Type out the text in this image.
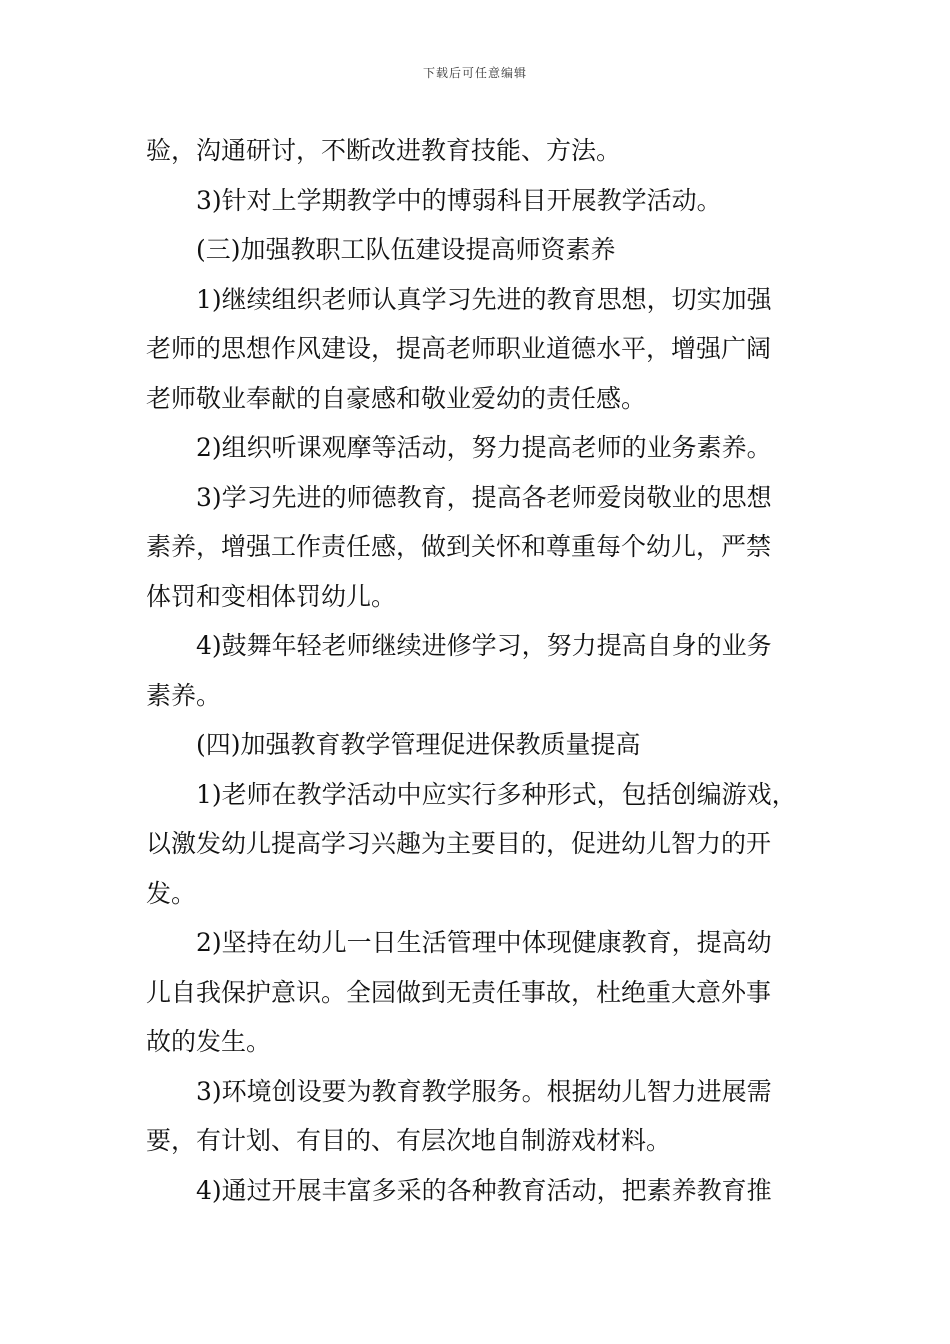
下载后可任意编辑
验，沟通研讨，不断改进教育技能、方法。
3)针对上学期教学中的博弱科目开展教学活动。
(三)加强教职工队伍建设提高师资素养
1)继续组织老师认真学习先进的教育思想，切实加强
老师的思想作风建设，提高老师职业道德水平，增强广阔
老师敬业奉献的自豪感和敬业爱幼的责任感。
2)组织听课观摩等活动，努力提高老师的业务素养。
3)学习先进的师德教育，提高各老师爱岗敬业的思想
素养，增强工作责任感，做到关怀和尊重每个幼儿，严禁
体罚和变相体罚幼儿。
4)鼓舞年轻老师继续进修学习，努力提高自身的业务
素养。
(四)加强教育教学管理促进保教质量提高
1)老师在教学活动中应实行多种形式，包括创编游戏，
以激发幼儿提高学习兴趣为主要目的，促进幼儿智力的开
发。
2)坚持在幼儿一日生活管理中体现健康教育，提高幼
儿自我保护意识。全园做到无责任事故，杜绝重大意外事
故的发生。
3)环境创设要为教育教学服务。根据幼儿智力进展需
要，有计划、有目的、有层次地自制游戏材料。
4)通过开展丰富多采的各种教育活动，把素养教育推
